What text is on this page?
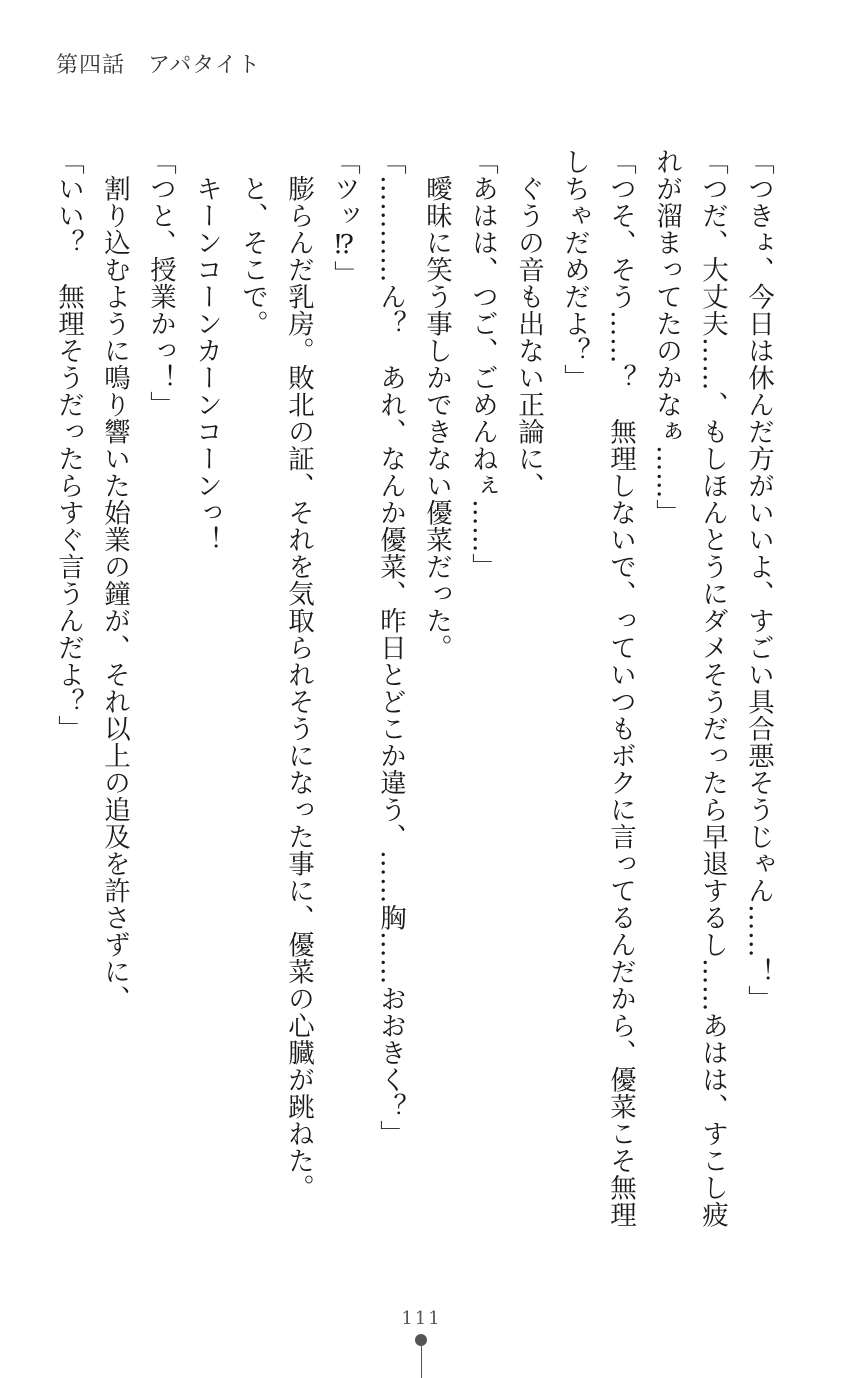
第四話　アパタイト
「つきょ、今日は休んだ方がいいよ、すごい具合悪そうじゃん……！」
「つだ、大丈夫……、もしほんとうにダメそうだったら早退するし……あはは、すこし疲
れが溜まってたのかなぁ……」
「つそ、そう……？　無理しないで、っていつもボクに言ってるんだから、優菜こそ無理
しちゃだめだよ？」
ぐうの音も出ない正論に、
「あはは、つご、ごめんねぇ……」
曖昧に笑う事しかできない優菜だった。
「…………ん？　あれ、なんか優菜、昨日とどこか違う、……胸……おおきく？」
「ツッ⁉」
膨らんだ乳房。敗北の証、それを気取られそうになった事に、優菜の心臓が跳ねた。
と、そこで。
キーンコーンカーンコーンっ！
「つと、授業かっ！」
割り込むように鳴り響いた始業の鐘が、それ以上の追及を許さずに、
「いい？　無理そうだったらすぐ言うんだよ？」
111
